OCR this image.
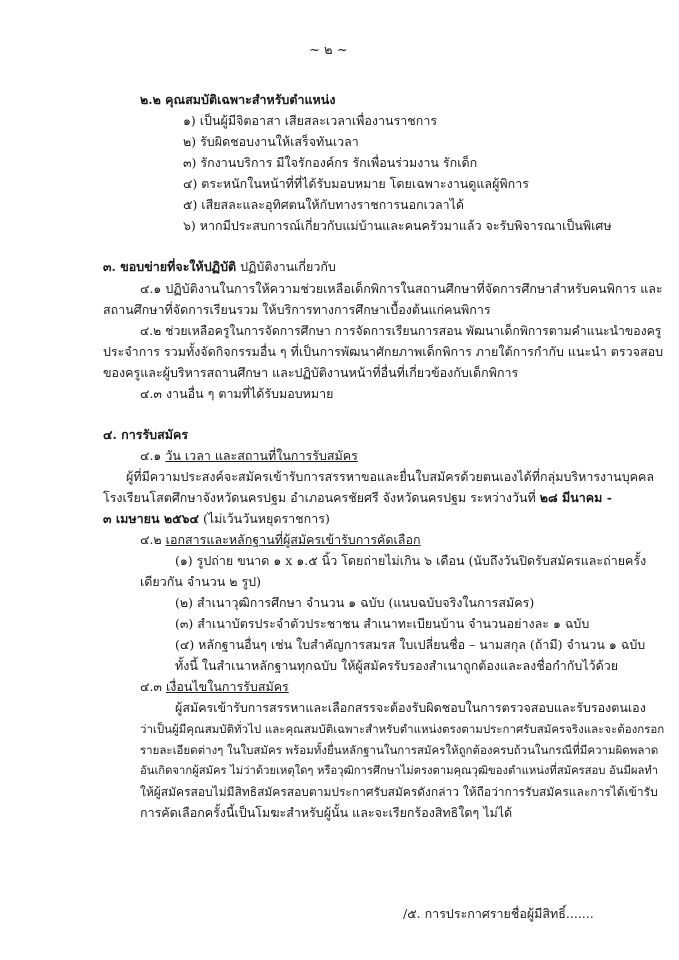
~ ๒ ~
๒.๒ คุณสมบัติเฉพาะสำหรับตำแหน่ง
๑) เป็นผู้มีจิตอาสา เสียสละเวลาเพื่องานราชการ
๒) รับผิดชอบงานให้เสร็จทันเวลา
๓) รักงานบริการ มีใจรักองค์กร รักเพื่อนร่วมงาน รักเด็ก
๔) ตระหนักในหน้าที่ที่ได้รับมอบหมาย โดยเฉพาะงานดูแลผู้พิการ
๕) เสียสละและอุทิศตนให้กับทางราชการนอกเวลาได้
๖) หากมีประสบการณ์เกี่ยวกับแม่บ้านและคนครัวมาแล้ว จะรับพิจารณาเป็นพิเศษ
๓. ขอบข่ายที่จะให้ปฏิบัติ ปฏิบัติงานเกี่ยวกับ
๔.๑ ปฏิบัติงานในการให้ความช่วยเหลือเด็กพิการในสถานศึกษาที่จัดการศึกษาสำหรับคนพิการ และ
สถานศึกษาที่จัดการเรียนรวม ให้บริการทางการศึกษาเบื้องต้นแก่คนพิการ
๔.๒ ช่วยเหลือครูในการจัดการศึกษา การจัดการเรียนการสอน พัฒนาเด็กพิการตามคำแนะนำของครู
ประจำการ รวมทั้งจัดกิจกรรมอื่น ๆ ที่เป็นการพัฒนาศักยภาพเด็กพิการ ภายใต้การกำกับ แนะนำ ตรวจสอบ
ของครูและผู้บริหารสถานศึกษา และปฏิบัติงานหน้าที่อื่นที่เกี่ยวข้องกับเด็กพิการ
๔.๓ งานอื่น ๆ ตามที่ได้รับมอบหมาย
๔. การรับสมัคร
๔.๑ วัน เวลา และสถานที่ในการรับสมัคร
ผู้ที่มีความประสงค์จะสมัครเข้ารับการสรรหาขอและยื่นใบสมัครด้วยตนเองได้ที่กลุ่มบริหารงานบุคคล
โรงเรียนโสตศึกษาจังหวัดนครปฐม อำเภอนครชัยศรี จังหวัดนครปฐม ระหว่างวันที่ ๒๘ มีนาคม -
๓ เมษายน ๒๕๖๔ (ไม่เว้นวันหยุดราชการ)
๔.๒ เอกสารและหลักฐานที่ผู้สมัครเข้ารับการคัดเลือก
(๑) รูปถ่าย ขนาด ๑ x ๑.๕ นิ้ว โดยถ่ายไม่เกิน ๖ เดือน (นับถึงวันปิดรับสมัครและถ่ายครั้ง
เดียวกัน จำนวน ๒ รูป)
(๒) สำเนาวุฒิการศึกษา จำนวน ๑ ฉบับ (แนบฉบับจริงในการสมัคร)
(๓) สำเนาบัตรประจำตัวประชาชน สำเนาทะเบียนบ้าน จำนวนอย่างละ ๑ ฉบับ
(๔) หลักฐานอื่นๆ เช่น ใบสำคัญการสมรส ใบเปลี่ยนชื่อ – นามสกุล (ถ้ามี) จำนวน ๑ ฉบับ
ทั้งนี้ ในสำเนาหลักฐานทุกฉบับ ให้ผู้สมัครรับรองสำเนาถูกต้องและลงชื่อกำกับไว้ด้วย
๔.๓ เงื่อนไขในการรับสมัคร
ผู้สมัครเข้ารับการสรรหาและเลือกสรรจะต้องรับผิดชอบในการตรวจสอบและรับรองตนเอง
ว่าเป็นผู้มีคุณสมบัติทั่วไป และคุณสมบัติเฉพาะสำหรับตำแหน่งตรงตามประกาศรับสมัครจริงและจะต้องกรอก
รายละเอียดต่างๆ ในใบสมัคร พร้อมทั้งยื่นหลักฐานในการสมัครให้ถูกต้องครบถ้วนในกรณีที่มีความผิดพลาด
อันเกิดจากผู้สมัคร ไม่ว่าด้วยเหตุใดๆ หรือวุฒิการศึกษาไม่ตรงตามคุณวุฒิของตำแหน่งที่สมัครสอบ อันมีผลทำ
ให้ผู้สมัครสอบไม่มีสิทธิสมัครสอบตามประกาศรับสมัครดังกล่าว ให้ถือว่าการรับสมัครและการได้เข้ารับ
การคัดเลือกครั้งนี้เป็นโมฆะสำหรับผู้นั้น และจะเรียกร้องสิทธิใดๆ ไม่ได้
/๕. การประกาศรายชื่อผู้มีสิทธิ์.......
